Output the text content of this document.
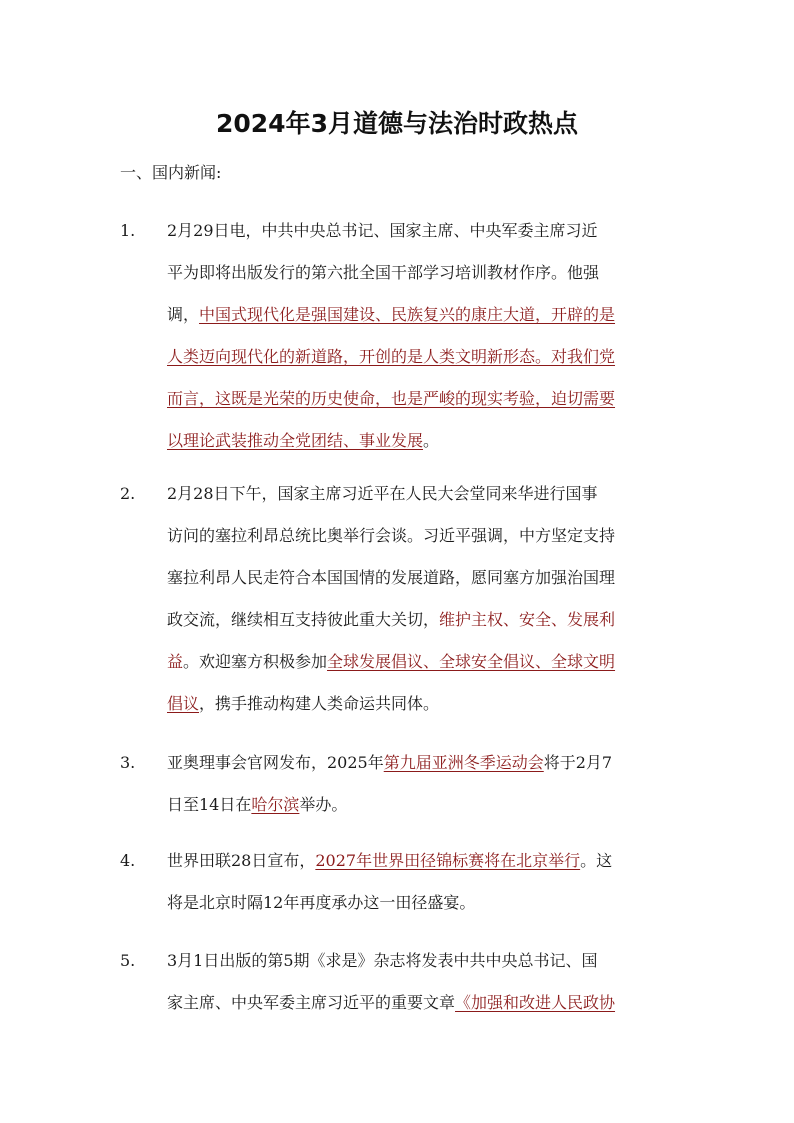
2024年3月道德与法治时政热点
一、国内新闻:
1. 2月29日电，中共中央总书记、国家主席、中央军委主席习近
平为即将出版发行的第六批全国干部学习培训教材作序。他强
调，中国式现代化是强国建设、民族复兴的康庄大道，开辟的是
人类迈向现代化的新道路，开创的是人类文明新形态。对我们党
而言，这既是光荣的历史使命，也是严峻的现实考验，迫切需要
以理论武装推动全党团结、事业发展。
2. 2月28日下午，国家主席习近平在人民大会堂同来华进行国事
访问的塞拉利昂总统比奥举行会谈。习近平强调，中方坚定支持
塞拉利昂人民走符合本国国情的发展道路，愿同塞方加强治国理
政交流，继续相互支持彼此重大关切，维护主权、安全、发展利
益。欢迎塞方积极参加全球发展倡议、全球安全倡议、全球文明
倡议，携手推动构建人类命运共同体。
3. 亚奥理事会官网发布，2025年第九届亚洲冬季运动会将于2月7
日至14日在哈尔滨举办。
4. 世界田联28日宣布，2027年世界田径锦标赛将在北京举行。这
将是北京时隔12年再度承办这一田径盛宴。
5. 3月1日出版的第5期《求是》杂志将发表中共中央总书记、国
家主席、中央军委主席习近平的重要文章《加强和改进人民政协
